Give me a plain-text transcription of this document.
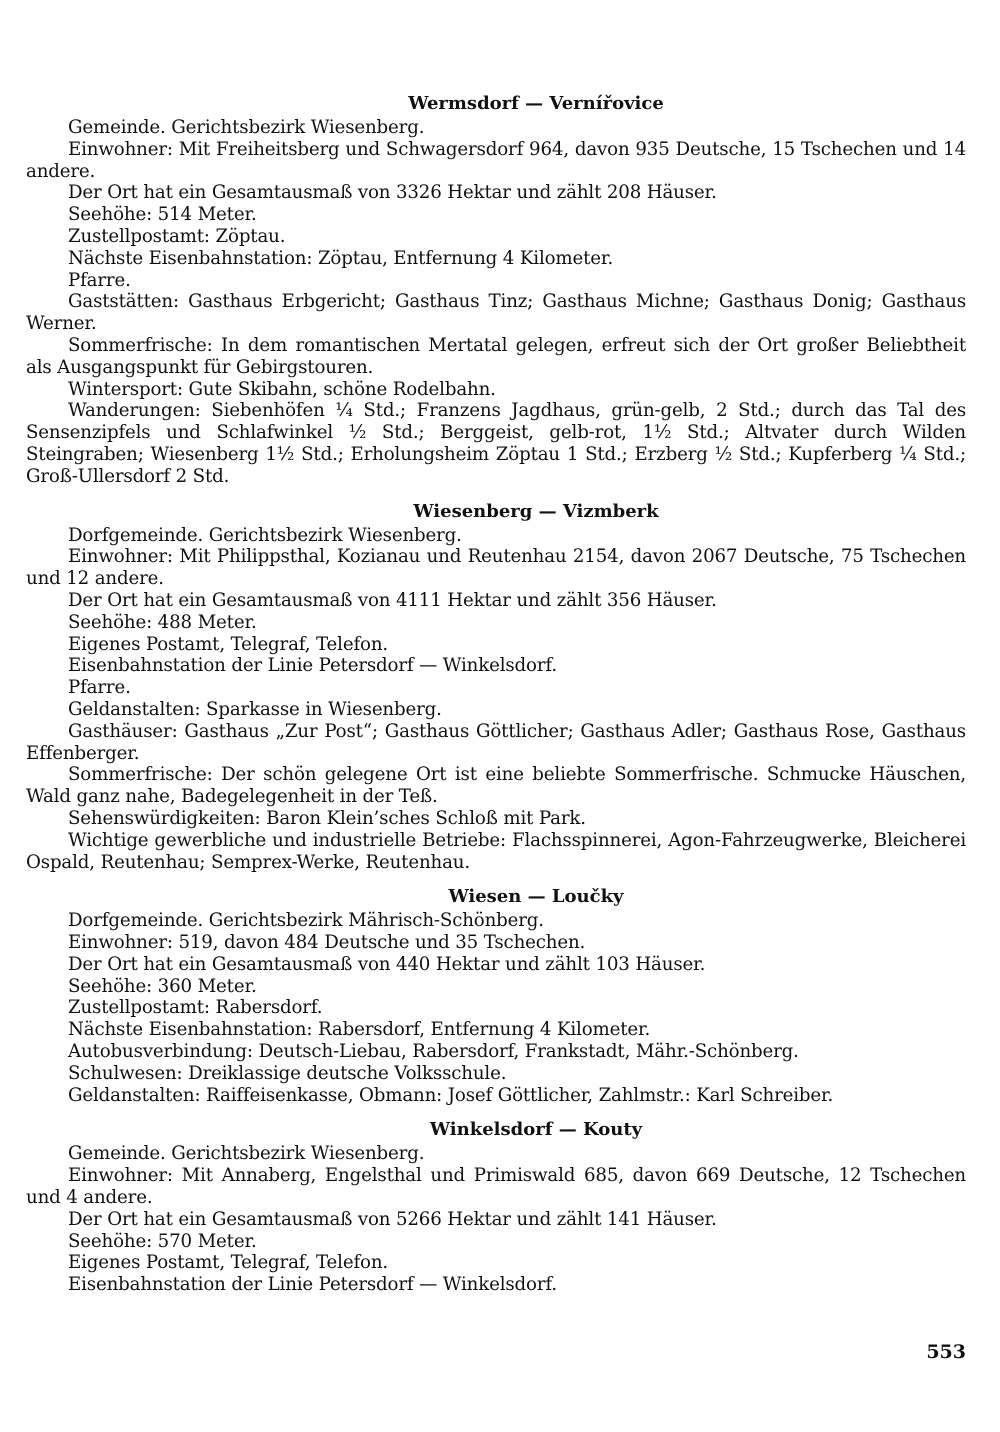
Wermsdorf — Vernířovice

Gemeinde. Gerichtsbezirk Wiesenberg.

Einwohner: Mit Freiheitsberg und Schwagersdorf 964, davon 935 Deutsche, 15 Tschechen und 14 andere.

Der Ort hat ein Gesamtausmaß von 3326 Hektar und zählt 208 Häuser.

Seehöhe: 514 Meter.

Zustellpostamt: Zöptau.

Nächste Eisenbahnstation: Zöptau, Entfernung 4 Kilometer.

Pfarre.

Gaststätten: Gasthaus Erbgericht; Gasthaus Tinz; Gasthaus Michne; Gasthaus Donig; Gasthaus Werner.

Sommerfrische: In dem romantischen Mertatal gelegen, erfreut sich der Ort großer Beliebtheit als Ausgangspunkt für Gebirgstouren.

Wintersport: Gute Skibahn, schöne Rodelbahn.

Wanderungen: Siebenhöfen ¼ Std.; Franzens Jagdhaus, grün-gelb, 2 Std.; durch das Tal des Sensenzipfels und Schlafwinkel ½ Std.; Berggeist, gelb-rot, 1½ Std.; Altvater durch Wilden Steingraben; Wiesenberg 1½ Std.; Erholungsheim Zöptau 1 Std.; Erzberg ½ Std.; Kupferberg ¼ Std.; Groß-Ullersdorf 2 Std.

Wiesenberg — Vizmberk

Dorfgemeinde. Gerichtsbezirk Wiesenberg.

Einwohner: Mit Philippsthal, Kozianau und Reutenhau 2154, davon 2067 Deutsche, 75 Tschechen und 12 andere.

Der Ort hat ein Gesamtausmaß von 4111 Hektar und zählt 356 Häuser.

Seehöhe: 488 Meter.

Eigenes Postamt, Telegraf, Telefon.

Eisenbahnstation der Linie Petersdorf — Winkelsdorf.

Pfarre.

Geldanstalten: Sparkasse in Wiesenberg.

Gasthäuser: Gasthaus „Zur Post“; Gasthaus Göttlicher; Gasthaus Adler; Gasthaus Rose, Gasthaus Effenberger.

Sommerfrische: Der schön gelegene Ort ist eine beliebte Sommerfrische. Schmucke Häuschen, Wald ganz nahe, Badegelegenheit in der Teß.

Sehenswürdigkeiten: Baron Klein’sches Schloß mit Park.

Wichtige gewerbliche und industrielle Betriebe: Flachsspinnerei, Agon-Fahrzeugwerke, Bleicherei Ospald, Reutenhau; Semprex-Werke, Reutenhau.

Wiesen — Loučky

Dorfgemeinde. Gerichtsbezirk Mährisch-Schönberg.

Einwohner: 519, davon 484 Deutsche und 35 Tschechen.

Der Ort hat ein Gesamtausmaß von 440 Hektar und zählt 103 Häuser.

Seehöhe: 360 Meter.

Zustellpostamt: Rabersdorf.

Nächste Eisenbahnstation: Rabersdorf, Entfernung 4 Kilometer.

Autobusverbindung: Deutsch-Liebau, Rabersdorf, Frankstadt, Mähr.-Schönberg.

Schulwesen: Dreiklassige deutsche Volksschule.

Geldanstalten: Raiffeisenkasse, Obmann: Josef Göttlicher, Zahlmstr.: Karl Schreiber.

Winkelsdorf — Kouty

Gemeinde. Gerichtsbezirk Wiesenberg.

Einwohner: Mit Annaberg, Engelsthal und Primiswald 685, davon 669 Deutsche, 12 Tschechen und 4 andere.

Der Ort hat ein Gesamtausmaß von 5266 Hektar und zählt 141 Häuser.

Seehöhe: 570 Meter.

Eigenes Postamt, Telegraf, Telefon.

Eisenbahnstation der Linie Petersdorf — Winkelsdorf.

553
